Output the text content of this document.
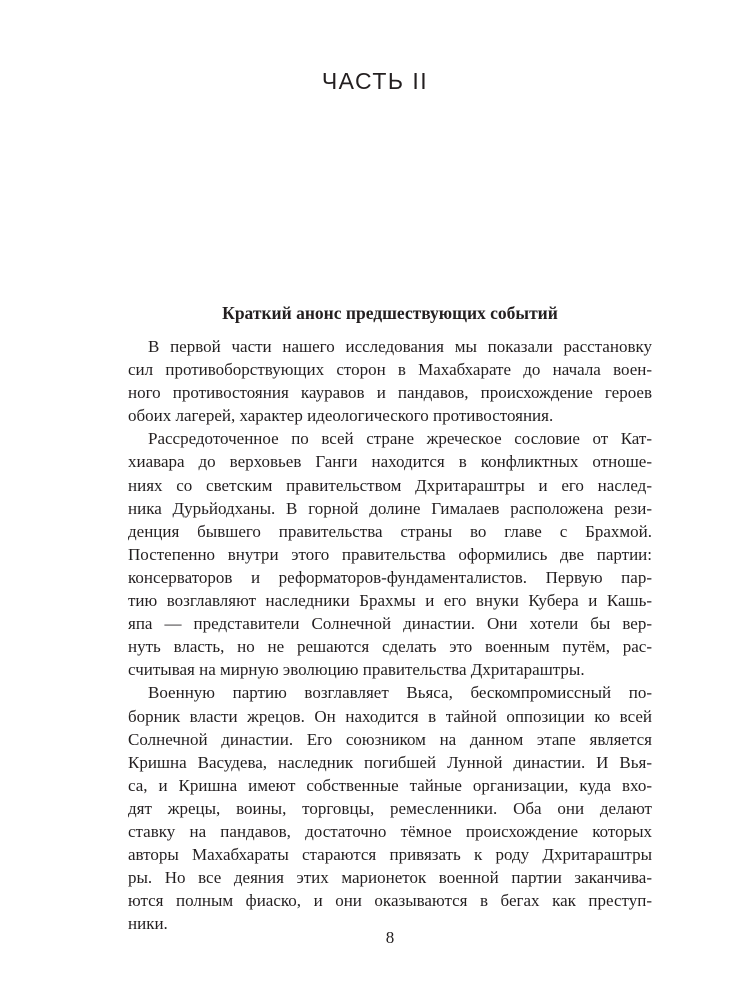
ЧАСТЬ II
Краткий анонс предшествующих событий
В первой части нашего исследования мы показали расстановку
сил противоборствующих сторон в Махабхарате до начала воен-
ного противостояния кауравов и пандавов, происхождение героев
обоих лагерей, характер идеологического противостояния.
Рассредоточенное по всей стране жреческое сословие от Кат-
хиавара до верховьев Ганги находится в конфликтных отноше-
ниях со светским правительством Дхритараштры и его наслед-
ника Дурьйодханы. В горной долине Гималаев расположена рези-
денция бывшего правительства страны во главе с Брахмой.
Постепенно внутри этого правительства оформились две партии:
консерваторов и реформаторов-фундаменталистов. Первую пар-
тию возглавляют наследники Брахмы и его внуки Кубера и Кашь-
япа — представители Солнечной династии. Они хотели бы вер-
нуть власть, но не решаются сделать это военным путём, рас-
считывая на мирную эволюцию правительства Дхритараштры.
Военную партию возглавляет Вьяса, бескомпромиссный по-
борник власти жрецов. Он находится в тайной оппозиции ко всей
Солнечной династии. Его союзником на данном этапе является
Кришна Васудева, наследник погибшей Лунной династии. И Вья-
са, и Кришна имеют собственные тайные организации, куда вхо-
дят жрецы, воины, торговцы, ремесленники. Оба они делают
ставку на пандавов, достаточно тёмное происхождение которых
авторы Махабхараты стараются привязать к роду Дхритараштры
ры. Но все деяния этих марионеток военной партии заканчива-
ются полным фиаско, и они оказываются в бегах как преступ-
ники.
8
